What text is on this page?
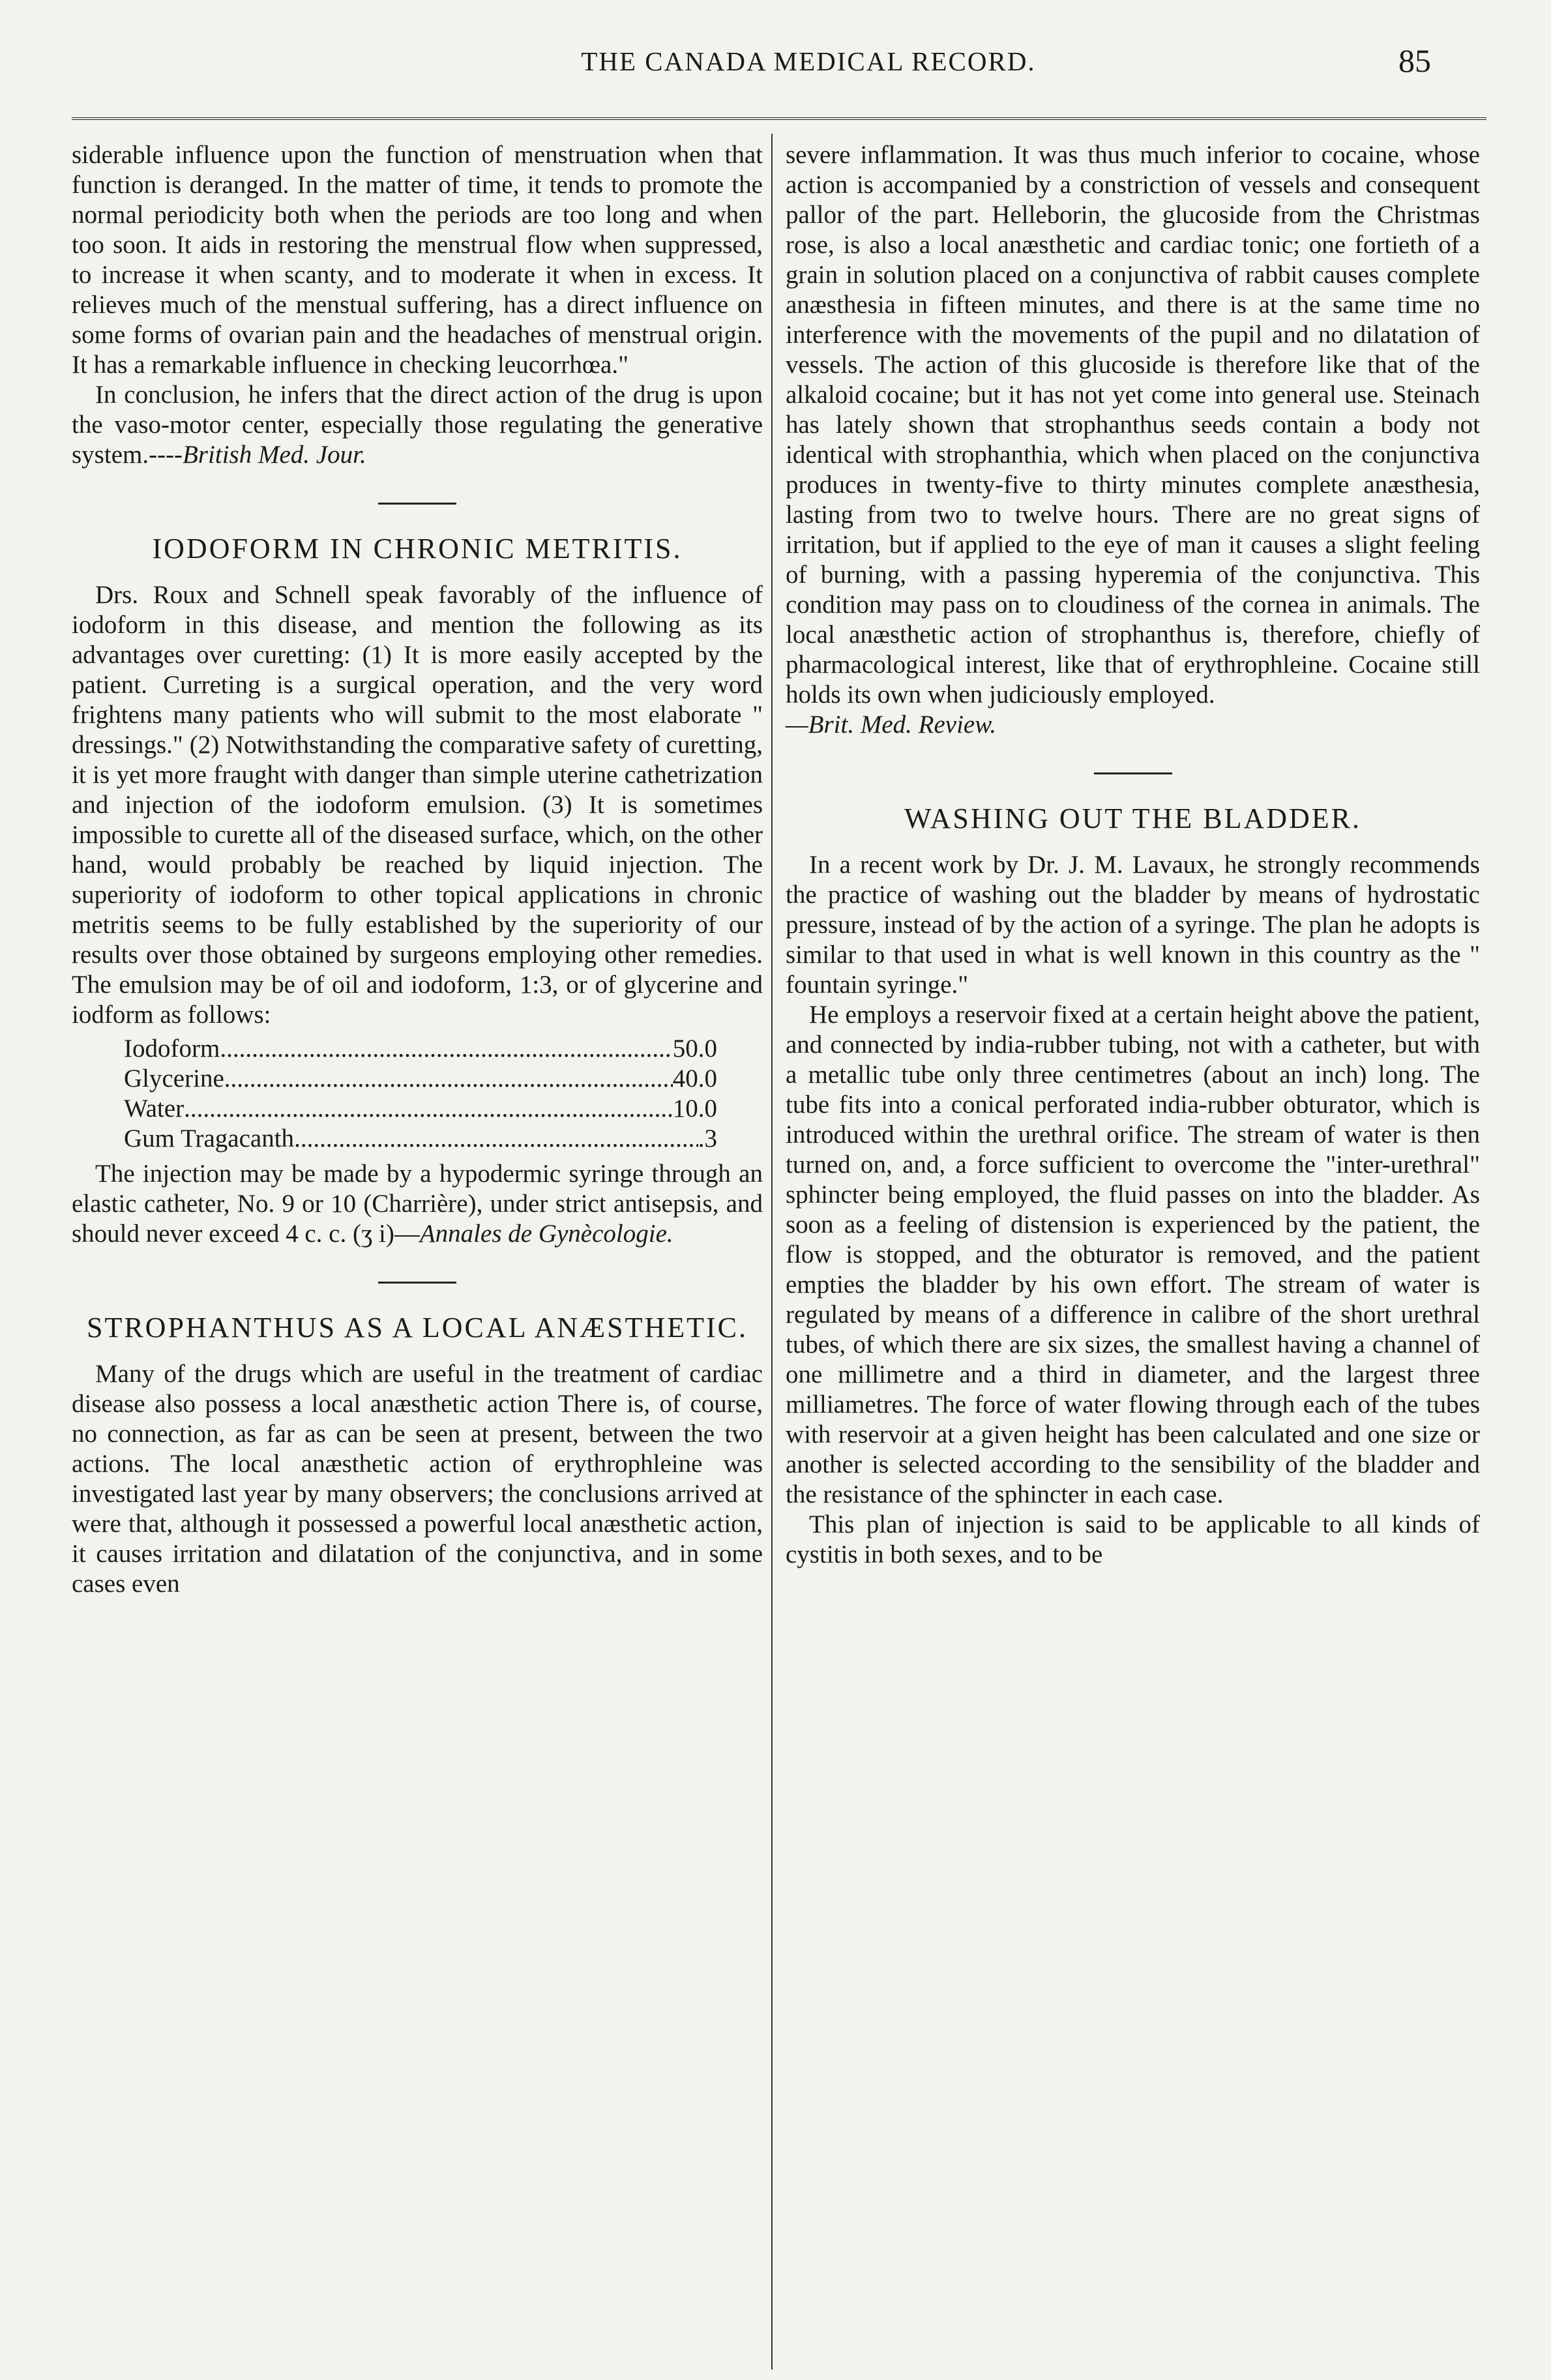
THE CANADA MEDICAL RECORD.	85

siderable influence upon the function of menstruation when that function is deranged. In the matter of time, it tends to promote the normal periodicity both when the periods are too long and when too soon. It aids in restoring the menstrual flow when suppressed, to increase it when scanty, and to moderate it when in excess. It relieves much of the menstual suffering, has a direct influence on some forms of ovarian pain and the headaches of menstrual origin. It has a remarkable influence in checking leucorrhœa."

In conclusion, he infers that the direct action of the drug is upon the vaso-motor center, especially those regulating the generative system.----British Med. Jour.

IODOFORM IN CHRONIC METRITIS.

Drs. Roux and Schnell speak favorably of the influence of iodoform in this disease, and mention the following as its advantages over curetting: (1) It is more easily accepted by the patient. Curreting is a surgical operation, and the very word frightens many patients who will submit to the most elaborate " dressings." (2) Notwithstanding the comparative safety of curetting, it is yet more fraught with danger than simple uterine cathetrization and injection of the iodoform emulsion. (3) It is sometimes impossible to curette all of the diseased surface, which, on the other hand, would probably be reached by liquid injection. The superiority of iodoform to other topical applications in chronic metritis seems to be fully established by the superiority of our results over those obtained by surgeons employing other remedies. The emulsion may be of oil and iodoform, 1:3, or of glycerine and iodform as follows:

Iodoform .....	50.0
Glycerine .....	40.0
Water .....	10.0
Gum Tragacanth .....	.3

The injection may be made by a hypodermic syringe through an elastic catheter, No. 9 or 10 (Charrière), under strict antisepsis, and should never exceed 4 c. c. (ʒ i)—Annales de Gynècologie.

STROPHANTHUS AS A LOCAL ANÆSTHETIC.

Many of the drugs which are useful in the treatment of cardiac disease also possess a local anæsthetic action There is, of course, no connection, as far as can be seen at present, between the two actions. The local anæsthetic action of erythrophleine was investigated last year by many observers; the conclusions arrived at were that, although it possessed a powerful local anæsthetic action, it causes irritation and dilatation of the conjunctiva, and in some cases even

severe inflammation. It was thus much inferior to cocaine, whose action is accompanied by a constriction of vessels and consequent pallor of the part. Helleborin, the glucoside from the Christmas rose, is also a local anæsthetic and cardiac tonic; one fortieth of a grain in solution placed on a conjunctiva of rabbit causes complete anæsthesia in fifteen minutes, and there is at the same time no interference with the movements of the pupil and no dilatation of vessels. The action of this glucoside is therefore like that of the alkaloid cocaine; but it has not yet come into general use. Steinach has lately shown that strophanthus seeds contain a body not identical with strophanthia, which when placed on the conjunctiva produces in twenty-five to thirty minutes complete anæsthesia, lasting from two to twelve hours. There are no great signs of irritation, but if applied to the eye of man it causes a slight feeling of burning, with a passing hyperemia of the conjunctiva. This condition may pass on to cloudiness of the cornea in animals. The local anæsthetic action of strophanthus is, therefore, chiefly of pharmacological interest, like that of erythrophleine. Cocaine still holds its own when judiciously employed.
—Brit. Med. Review.

WASHING OUT THE BLADDER.

In a recent work by Dr. J. M. Lavaux, he strongly recommends the practice of washing out the bladder by means of hydrostatic pressure, instead of by the action of a syringe. The plan he adopts is similar to that used in what is well known in this country as the " fountain syringe."

He employs a reservoir fixed at a certain height above the patient, and connected by india-rubber tubing, not with a catheter, but with a metallic tube only three centimetres (about an inch) long. The tube fits into a conical perforated india-rubber obturator, which is introduced within the urethral orifice. The stream of water is then turned on, and, a force sufficient to overcome the "inter-urethral" sphincter being employed, the fluid passes on into the bladder. As soon as a feeling of distension is experienced by the patient, the flow is stopped, and the obturator is removed, and the patient empties the bladder by his own effort. The stream of water is regulated by means of a difference in calibre of the short urethral tubes, of which there are six sizes, the smallest having a channel of one millimetre and a third in diameter, and the largest three milliametres. The force of water flowing through each of the tubes with reservoir at a given height has been calculated and one size or another is selected according to the sensibility of the bladder and the resistance of the sphincter in each case.

This plan of injection is said to be applicable to all kinds of cystitis in both sexes, and to be
